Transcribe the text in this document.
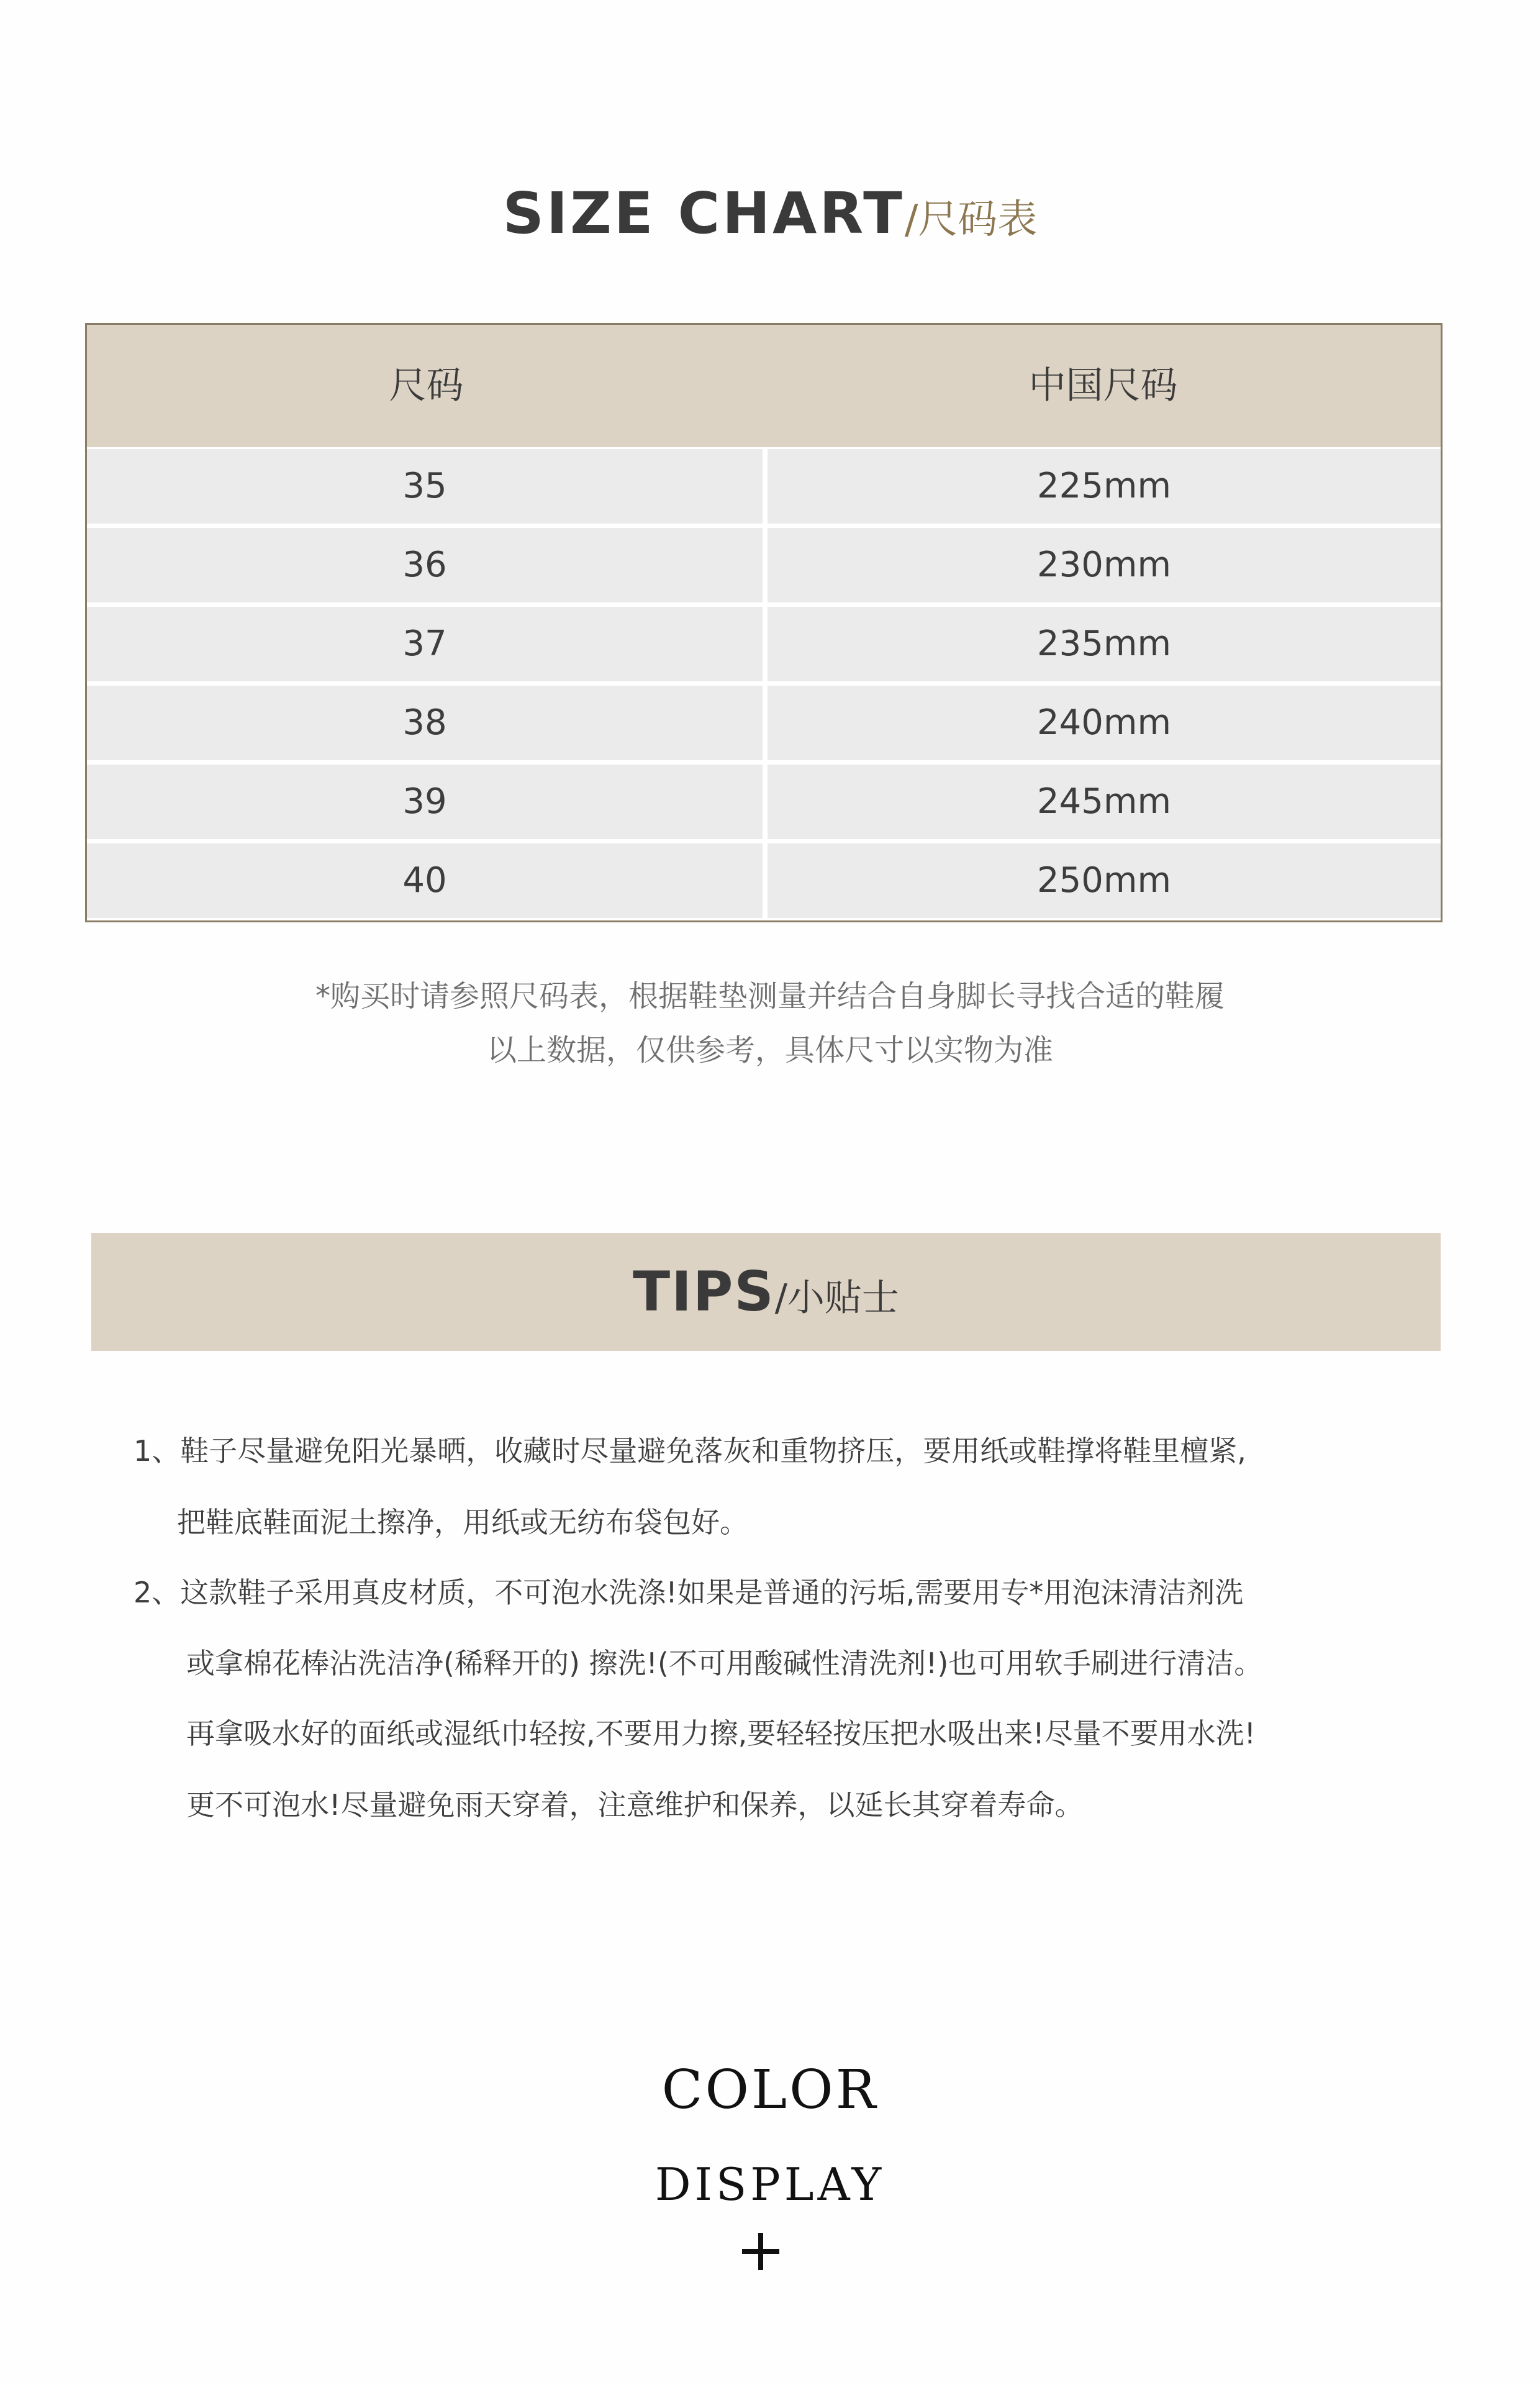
SIZE CHART/尺码表
尺码	中国尺码
35	225mm
36	230mm
37	235mm
38	240mm
39	245mm
40	250mm
*购买时请参照尺码表，根据鞋垫测量并结合自身脚长寻找合适的鞋履
以上数据，仅供参考，具体尺寸以实物为准
TIPS/小贴士
1、鞋子尽量避免阳光暴晒，收藏时尽量避免落灰和重物挤压，要用纸或鞋撑将鞋里檀紧,
把鞋底鞋面泥土擦净，用纸或无纺布袋包好。
2、这款鞋子采用真皮材质，不可泡水洗涤!如果是普通的污垢,需要用专*用泡沫清洁剂洗
或拿棉花棒沾洗洁净(稀释开的) 擦洗!(不可用酸碱性清洗剂!)也可用软手刷进行清洁。
再拿吸水好的面纸或湿纸巾轻按,不要用力擦,要轻轻按压把水吸出来!尽量不要用水洗!
更不可泡水!尽量避免雨天穿着，注意维护和保养，以延长其穿着寿命。
COLOR
DISPLAY
